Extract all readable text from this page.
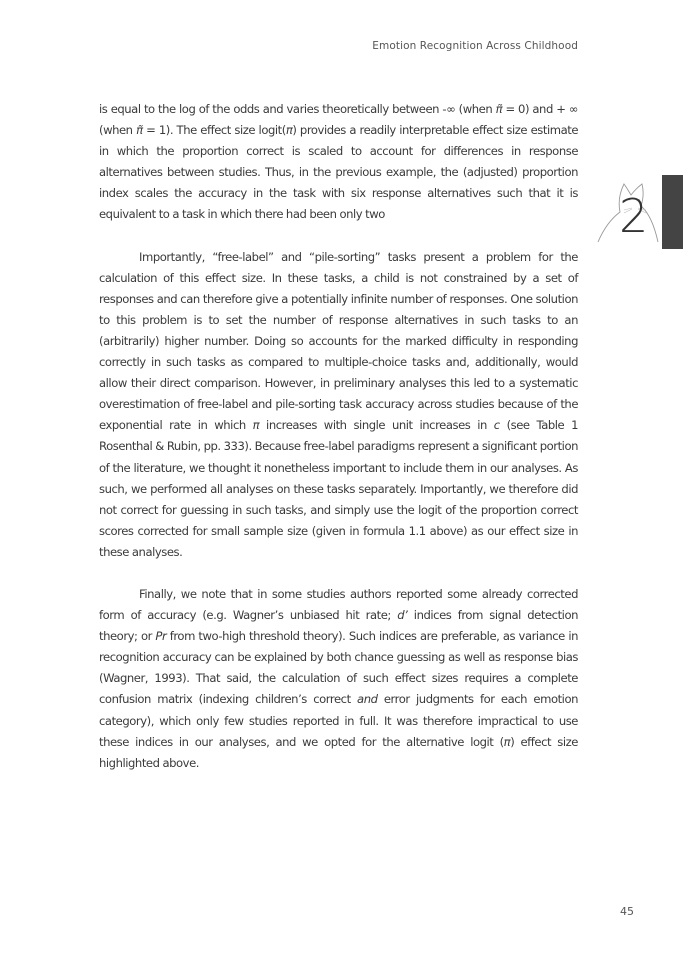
Emotion Recognition Across Childhood

is equal to the log of the odds and varies theoretically between -∞ (when π̃ = 0) and + ∞ (when π̃ = 1). The effect size logit(π) provides a readily interpretable effect size estimate in which the proportion correct is scaled to account for differences in response alternatives between studies. Thus, in the previous example, the (adjusted) proportion index scales the accuracy in the task with six response alternatives such that it is equivalent to a task in which there had been only two

Importantly, “free-label” and “pile-sorting” tasks present a problem for the calculation of this effect size. In these tasks, a child is not constrained by a set of responses and can therefore give a potentially infinite number of responses. One solution to this problem is to set the number of response alternatives in such tasks to an (arbitrarily) higher number. Doing so accounts for the marked difficulty in responding correctly in such tasks as compared to multiple-choice tasks and, additionally, would allow their direct comparison. However, in preliminary analyses this led to a systematic overestimation of free-label and pile-sorting task accuracy across studies because of the exponential rate in which π increases with single unit increases in c (see Table 1 Rosenthal & Rubin, pp. 333). Because free-label paradigms represent a significant portion of the literature, we thought it nonetheless important to include them in our analyses. As such, we performed all analyses on these tasks separately. Importantly, we therefore did not correct for guessing in such tasks, and simply use the logit of the proportion correct scores corrected for small sample size (given in formula 1.1 above) as our effect size in these analyses.

Finally, we note that in some studies authors reported some already corrected form of accuracy (e.g. Wagner’s unbiased hit rate; d’ indices from signal detection theory; or Pr from two-high threshold theory). Such indices are preferable, as variance in recognition accuracy can be explained by both chance guessing as well as response bias (Wagner, 1993). That said, the calculation of such effect sizes requires a complete confusion matrix (indexing children’s correct and error judgments for each emotion category), which only few studies reported in full. It was therefore impractical to use these indices in our analyses, and we opted for the alternative logit (π) effect size highlighted above.

2
45
